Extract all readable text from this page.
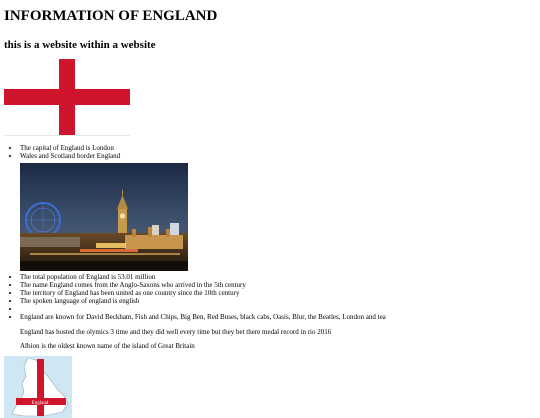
INFORMATION OF ENGLAND
this is a website within a website
• The capital of England is London
• Wales and Scotland border England
• The total population of England is 53.01 million
• The name England comes from the Anglo-Saxons who arrived in the 5th century
• The territory of England has been united as one country since the 10th century
• The spoken language of england is english
•
• England are known for David Beckham, Fish and Chips, Big Ben, Red Buses, black cabs, Oasis, Blur, the Beatles, London and tea

England has hosted the olymics 3 time and they did well every time but they bet there medal record in rio 2016

Albion is the oldest known name of the island of Great Britain

England
